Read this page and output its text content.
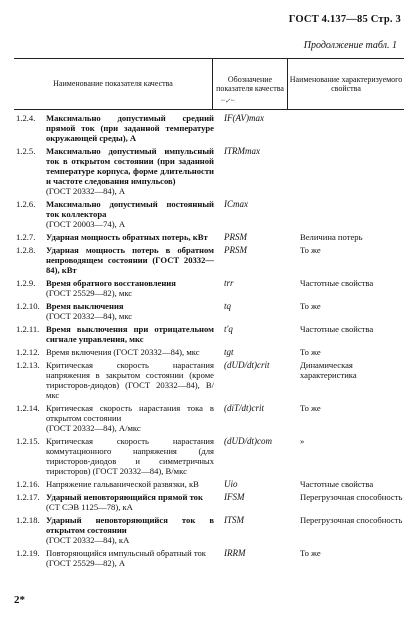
ГОСТ 4.137—85 Стр. 3
Продолжение табл. 1
Наименование показателя качества
Обозначение показателя качества
~✓~
Наименование характеризуемого свойства
1.2.4.	Максимально допустимый средний прямой ток (при заданной температуре окружающей среды), А
IF(AV)max
1.2.5.	Максимально допустимый импульсный ток в открытом состоянии (при заданной температуре корпуса, форме длительности и частоте следования импульсов)
(ГОСТ 20332—84), А
ITRMmax
1.2.6.	Максимально допустимый постоянный ток коллектора
(ГОСТ 20003—74), А
ICmax
1.2.7.	Ударная мощность обратных потерь, кВт	PRSM	Величина потерь
1.2.8.	Ударная мощность потерь в обратном непроводящем состоянии (ГОСТ 20332—84), кВт
PRSM	То же
1.2.9.	Время обратного восстановления
(ГОСТ 25529—82), мкс
trr	Частотные свойства
1.2.10. Время выключения
(ГОСТ 20332—84), мкс
tq	То же
1.2.11. Время выключения при отрицательном сигнале управления, мкс
t'q	Частотные свойства
1.2.12. Время включения (ГОСТ 20332—84), мкс	tgt	То же
1.2.13. Критическая скорость нарастания напряжения в закрытом состоянии (кроме тиристоров-диодов) (ГОСТ 20332—84), В/мкс
(dUD/dt)crit	Динамическая характеристика
1.2.14. Критическая скорость нарастания тока в открытом состоянии
(ГОСТ 20332—84), А/мкс
(diT/dt)crit	То же
1.2.15. Критическая скорость нарастания коммутационного напряжения (для тиристоров-диодов и симметричных тиристоров) (ГОСТ 20332—84), В/мкс
(dUD/dt)com	»
1.2.16. Напряжение гальванической развязки, кВ	Uio	Частотные свойства
1.2.17. Ударный неповторяющийся прямой ток
(СТ СЭВ 1125—78), кА
IFSM	Перегрузочная способность
1.2.18. Ударный неповторяющийся ток в открытом состоянии
(ГОСТ 20332—84), кА
ITSM	Перегрузочная способность
1.2.19. Повторяющийся импульсный обратный ток
(ГОСТ 25529—82), А
IRRM	То же
2*
